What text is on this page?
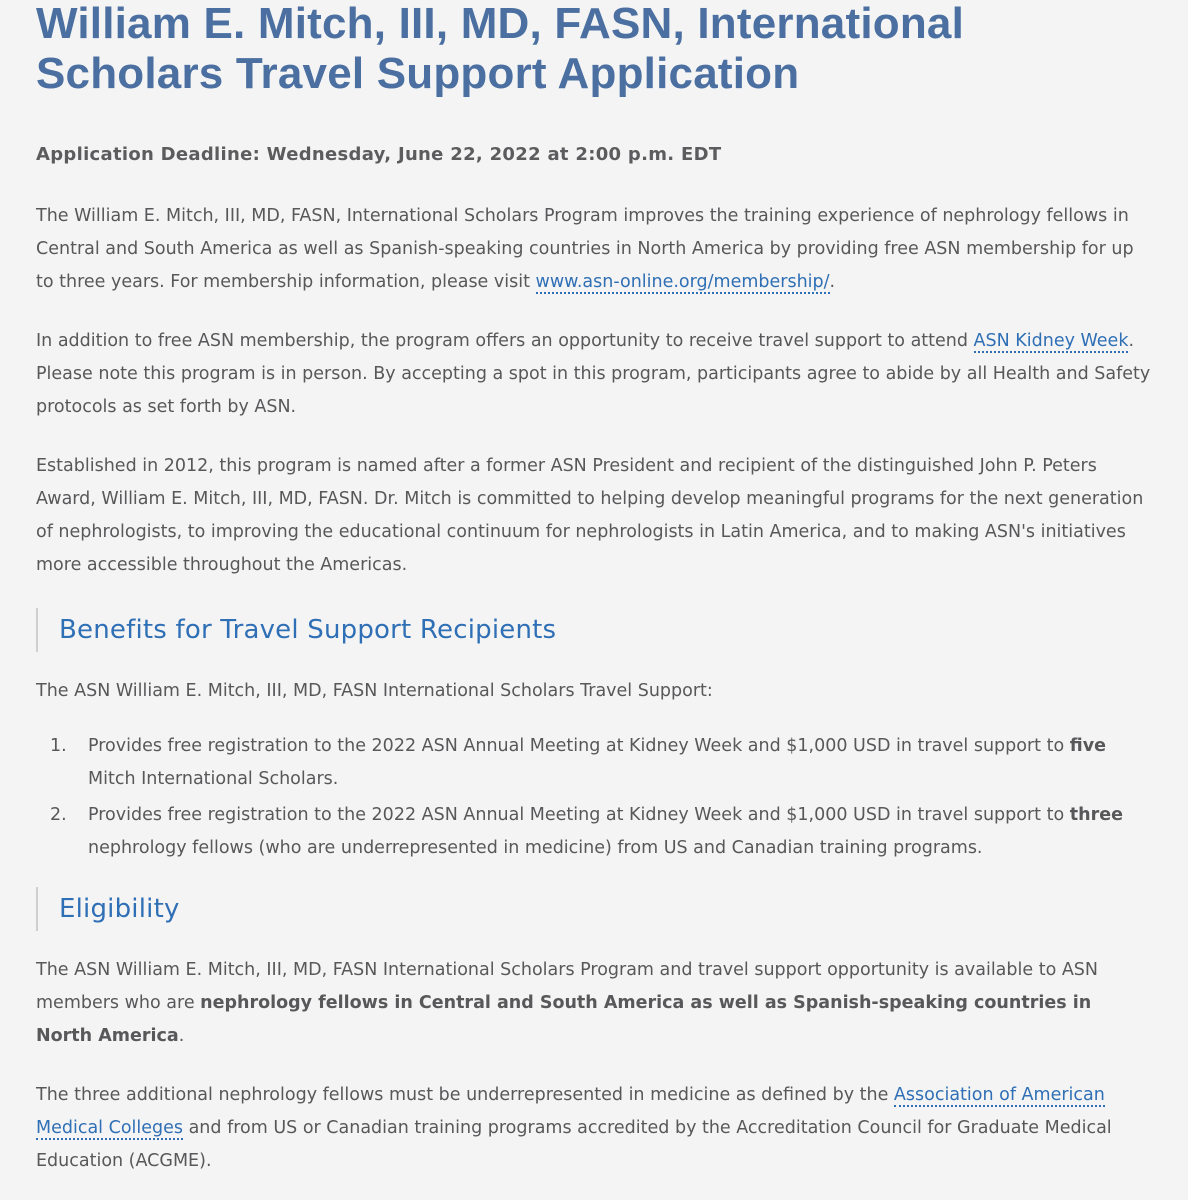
William E. Mitch, III, MD, FASN, International Scholars Travel Support Application
Application Deadline: Wednesday, June 22, 2022 at 2:00 p.m. EDT

The William E. Mitch, III, MD, FASN, International Scholars Program improves the training experience of nephrology fellows in Central and South America as well as Spanish-speaking countries in North America by providing free ASN membership for up to three years. For membership information, please visit www.asn-online.org/membership/.

In addition to free ASN membership, the program offers an opportunity to receive travel support to attend ASN Kidney Week. Please note this program is in person. By accepting a spot in this program, participants agree to abide by all Health and Safety protocols as set forth by ASN.

Established in 2012, this program is named after a former ASN President and recipient of the distinguished John P. Peters Award, William E. Mitch, III, MD, FASN. Dr. Mitch is committed to helping develop meaningful programs for the next generation of nephrologists, to improving the educational continuum for nephrologists in Latin America, and to making ASN's initiatives more accessible throughout the Americas.

Benefits for Travel Support Recipients

The ASN William E. Mitch, III, MD, FASN International Scholars Travel Support:

1. Provides free registration to the 2022 ASN Annual Meeting at Kidney Week and $1,000 USD in travel support to five Mitch International Scholars.
2. Provides free registration to the 2022 ASN Annual Meeting at Kidney Week and $1,000 USD in travel support to three nephrology fellows (who are underrepresented in medicine) from US and Canadian training programs.
Eligibility

The ASN William E. Mitch, III, MD, FASN International Scholars Program and travel support opportunity is available to ASN members who are nephrology fellows in Central and South America as well as Spanish-speaking countries in North America.

The three additional nephrology fellows must be underrepresented in medicine as defined by the Association of American Medical Colleges and from US or Canadian training programs accredited by the Accreditation Council for Graduate Medical Education (ACGME).
